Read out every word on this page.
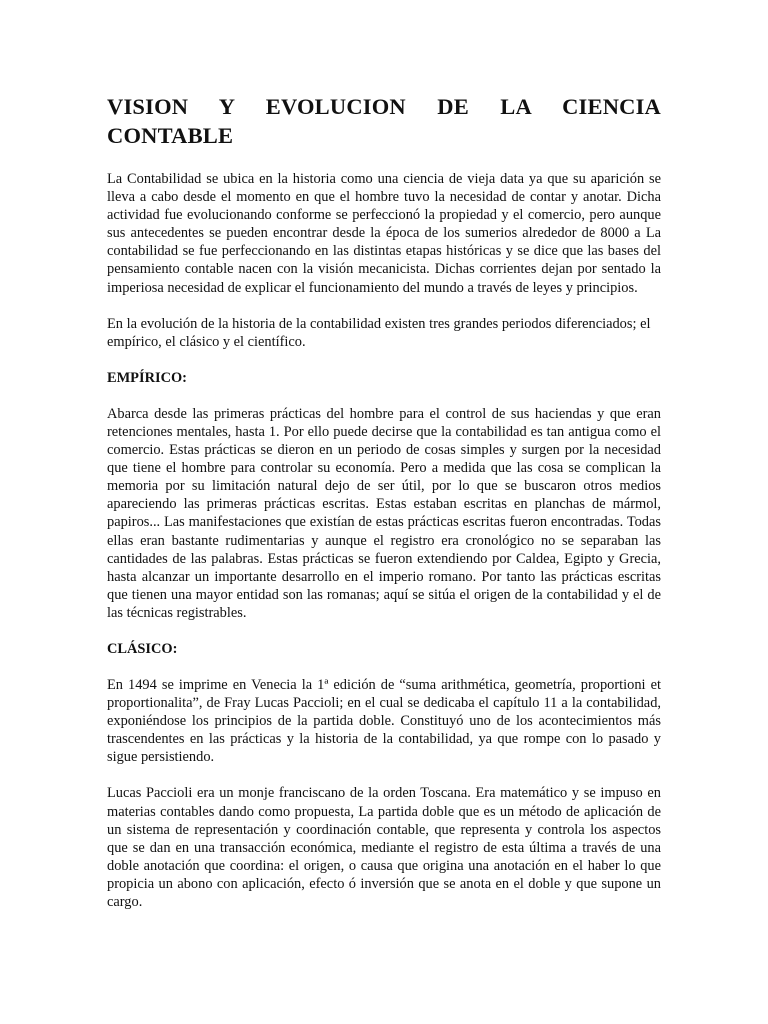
VISION Y EVOLUCION DE LA CIENCIA CONTABLE

La Contabilidad se ubica en la historia como una ciencia de vieja data ya que su aparición se lleva a cabo desde el momento en que el hombre tuvo la necesidad de contar y anotar. Dicha actividad fue evolucionando conforme se perfeccionó la propiedad y el comercio, pero aunque sus antecedentes se pueden encontrar desde la época de los sumerios alrededor de 8000 a La contabilidad se fue perfeccionando en las distintas etapas históricas y se dice que las bases del pensamiento contable nacen con la visión mecanicista. Dichas corrientes dejan por sentado la imperiosa necesidad de explicar el funcionamiento del mundo a través de leyes y principios.

En la evolución de la historia de la contabilidad existen tres grandes periodos diferenciados; el empírico, el clásico y el científico.

EMPÍRICO:

Abarca desde las primeras prácticas del hombre para el control de sus haciendas y que eran retenciones mentales, hasta 1. Por ello puede decirse que la contabilidad es tan antigua como el comercio. Estas prácticas se dieron en un periodo de cosas simples y surgen por la necesidad que tiene el hombre para controlar su economía. Pero a medida que las cosa se complican la memoria por su limitación natural dejo de ser útil, por lo que se buscaron otros medios apareciendo las primeras prácticas escritas. Estas estaban escritas en planchas de mármol, papiros... Las manifestaciones que existían de estas prácticas escritas fueron encontradas. Todas ellas eran bastante rudimentarias y aunque el registro era cronológico no se separaban las cantidades de las palabras. Estas prácticas se fueron extendiendo por Caldea, Egipto y Grecia, hasta alcanzar un importante desarrollo en el imperio romano. Por tanto las prácticas escritas que tienen una mayor entidad son las romanas; aquí se sitúa el origen de la contabilidad y el de las técnicas registrables.

CLÁSICO:

En 1494 se imprime en Venecia la 1ª edición de “suma arithmética, geometría, proportioni et proportionalita”, de Fray Lucas Paccioli; en el cual se dedicaba el capítulo 11 a la contabilidad, exponiéndose los principios de la partida doble. Constituyó uno de los acontecimientos más trascendentes en las prácticas y la historia de la contabilidad, ya que rompe con lo pasado y sigue persistiendo.

Lucas Paccioli era un monje franciscano de la orden Toscana. Era matemático y se impuso en materias contables dando como propuesta, La partida doble que es un método de aplicación de un sistema de representación y coordinación contable, que representa y controla los aspectos que se dan en una transacción económica, mediante el registro de esta última a través de una doble anotación que coordina: el origen, o causa que origina una anotación en el haber lo que propicia un abono con aplicación, efecto ó inversión que se anota en el doble y que supone un cargo.
